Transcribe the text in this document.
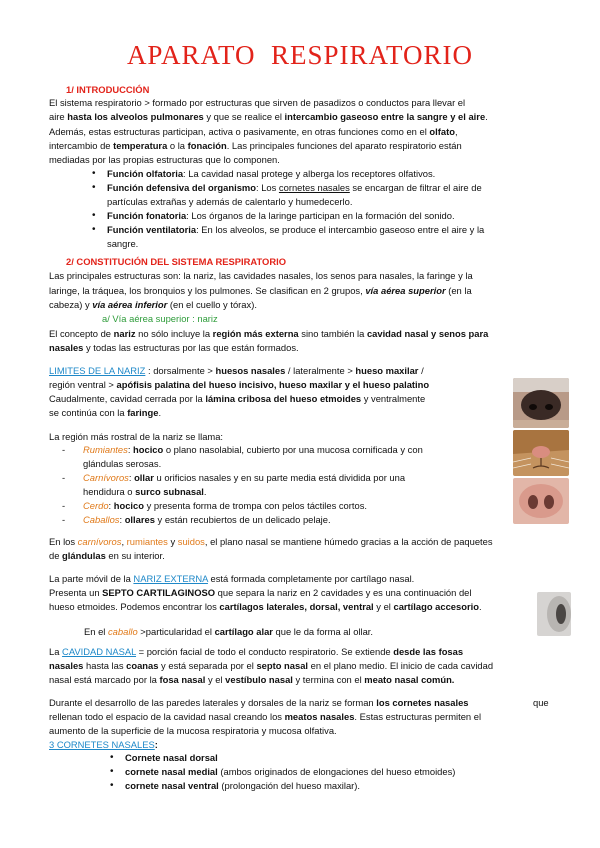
APARATO  RESPIRATORIO
1/ INTRODUCCIÓN
El sistema respiratorio > formado por estructuras que sirven de pasadizos o conductos para llevar el
aire hasta los alveolos pulmonares y que se realice el intercambio gaseoso entre la sangre y el aire.
Además, estas estructuras participan, activa o pasivamente, en otras funciones como en el olfato,
intercambio de temperatura o la fonación. Las principales funciones del aparato respiratorio están
mediadas por las propias estructuras que lo componen.
• Función olfatoria: La cavidad nasal protege y alberga los receptores olfativos.
• Función defensiva del organismo: Los cornetes nasales se encargan de filtrar el aire de
partículas extrañas y además de calentarlo y humedecerlo.
• Función fonatoria: Los órganos de la laringe participan en la formación del sonido.
• Función ventilatoria: En los alveolos, se produce el intercambio gaseoso entre el aire y la
sangre.
2/ CONSTITUCIÓN DEL SISTEMA RESPIRATORIO
Las principales estructuras son: la nariz, las cavidades nasales, los senos para nasales, la faringe y la
laringe, la tráquea, los bronquios y los pulmones. Se clasifican en 2 grupos, vía aérea superior (en la
cabeza) y vía aérea inferior (en el cuello y tórax).
a/ Vía aérea superior : nariz
El concepto de nariz no sólo incluye la región más externa sino también la cavidad nasal y senos para
nasales y todas las estructuras por las que están formados.
LIMITES DE LA NARIZ : dorsalmente > huesos nasales / lateralmente > hueso maxilar /
región ventral > apófisis palatina del hueso incisivo, hueso maxilar y el hueso palatino
Caudalmente, cavidad cerrada por la lámina cribosa del hueso etmoides y ventralmente
se continúa con la faringe.
La región más rostral de la nariz se llama:
- Rumiantes: hocico o plano nasolabial, cubierto por una mucosa cornificada y con
glándulas serosas.
- Carnívoros: ollar u orificios nasales y en su parte media está dividida por una
hendidura o surco subnasal.
- Cerdo: hocico y presenta forma de trompa con pelos táctiles cortos.
- Caballos: ollares y están recubiertos de un delicado pelaje.
En los carnívoros, rumiantes y suidos, el plano nasal se mantiene húmedo gracias a la acción de paquetes
de glándulas en su interior.
La parte móvil de la NARIZ EXTERNA está formada completamente por cartílago nasal.
Presenta un SEPTO CARTILAGINOSO que separa la nariz en 2 cavidades y es una continuación del
hueso etmoides. Podemos encontrar los cartílagos laterales, dorsal, ventral y el cartílago accesorio.
En el caballo >particularidad el cartílago alar que le da forma al ollar.
La CAVIDAD NASAL = porción facial de todo el conducto respiratorio. Se extiende desde las fosas
nasales hasta las coanas y está separada por el septo nasal en el plano medio. El inicio de cada cavidad
nasal está marcado por la fosa nasal y el vestíbulo nasal y termina con el meato nasal común.
Durante el desarrollo de las paredes laterales y dorsales de la nariz se forman los cornetes nasales	que
rellenan todo el espacio de la cavidad nasal creando los meatos nasales. Estas estructuras permiten el
aumento de la superficie de la mucosa respiratoria y mucosa olfativa.
3 CORNETES NASALES:
• Cornete nasal dorsal
• cornete nasal medial (ambos originados de elongaciones del hueso etmoides)
• cornete nasal ventral (prolongación del hueso maxilar).
